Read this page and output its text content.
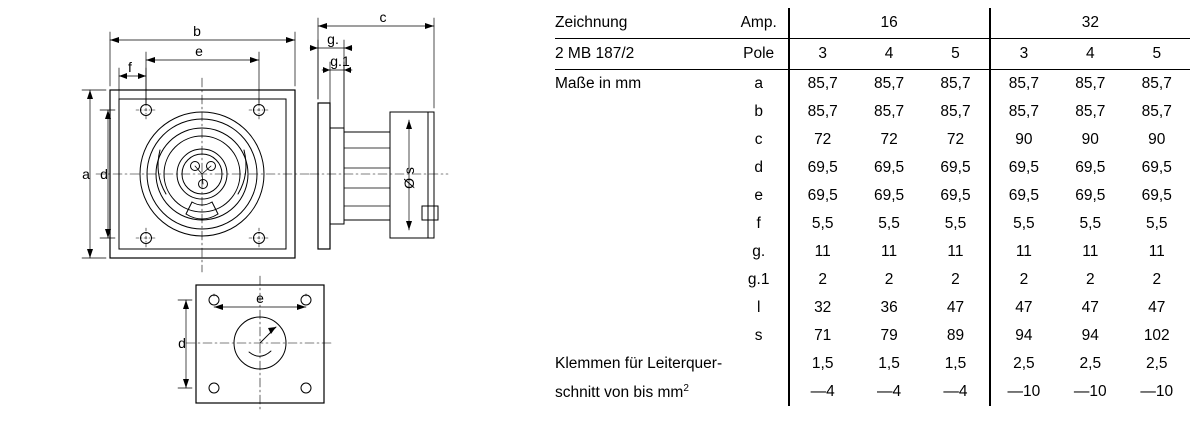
b
e
f
a d
c
g.
g.1
e
d
Ø s
Zeichnung	Amp.	16			32		
2 MB 187/2	Pole	3	4	5	3	4	5
Maße in mm	a	85,7	85,7	85,7	85,7	85,7	85,7
	b	85,7	85,7	85,7	85,7	85,7	85,7
	c	72	72	72	90	90	90
	d	69,5	69,5	69,5	69,5	69,5	69,5
	e	69,5	69,5	69,5	69,5	69,5	69,5
	f	5,5	5,5	5,5	5,5	5,5	5,5
	g.	11	11	11	11	11	11
	g.1	2	2	2	2	2	2
	l	32	36	47	47	47	47
	s	71	79	89	94	94	102
Klemmen für Leiterquer-		1,5	1,5	1,5	2,5	2,5	2,5
schnitt von bis $mm^2$		—4	—4	—4	—10	—10	—10
